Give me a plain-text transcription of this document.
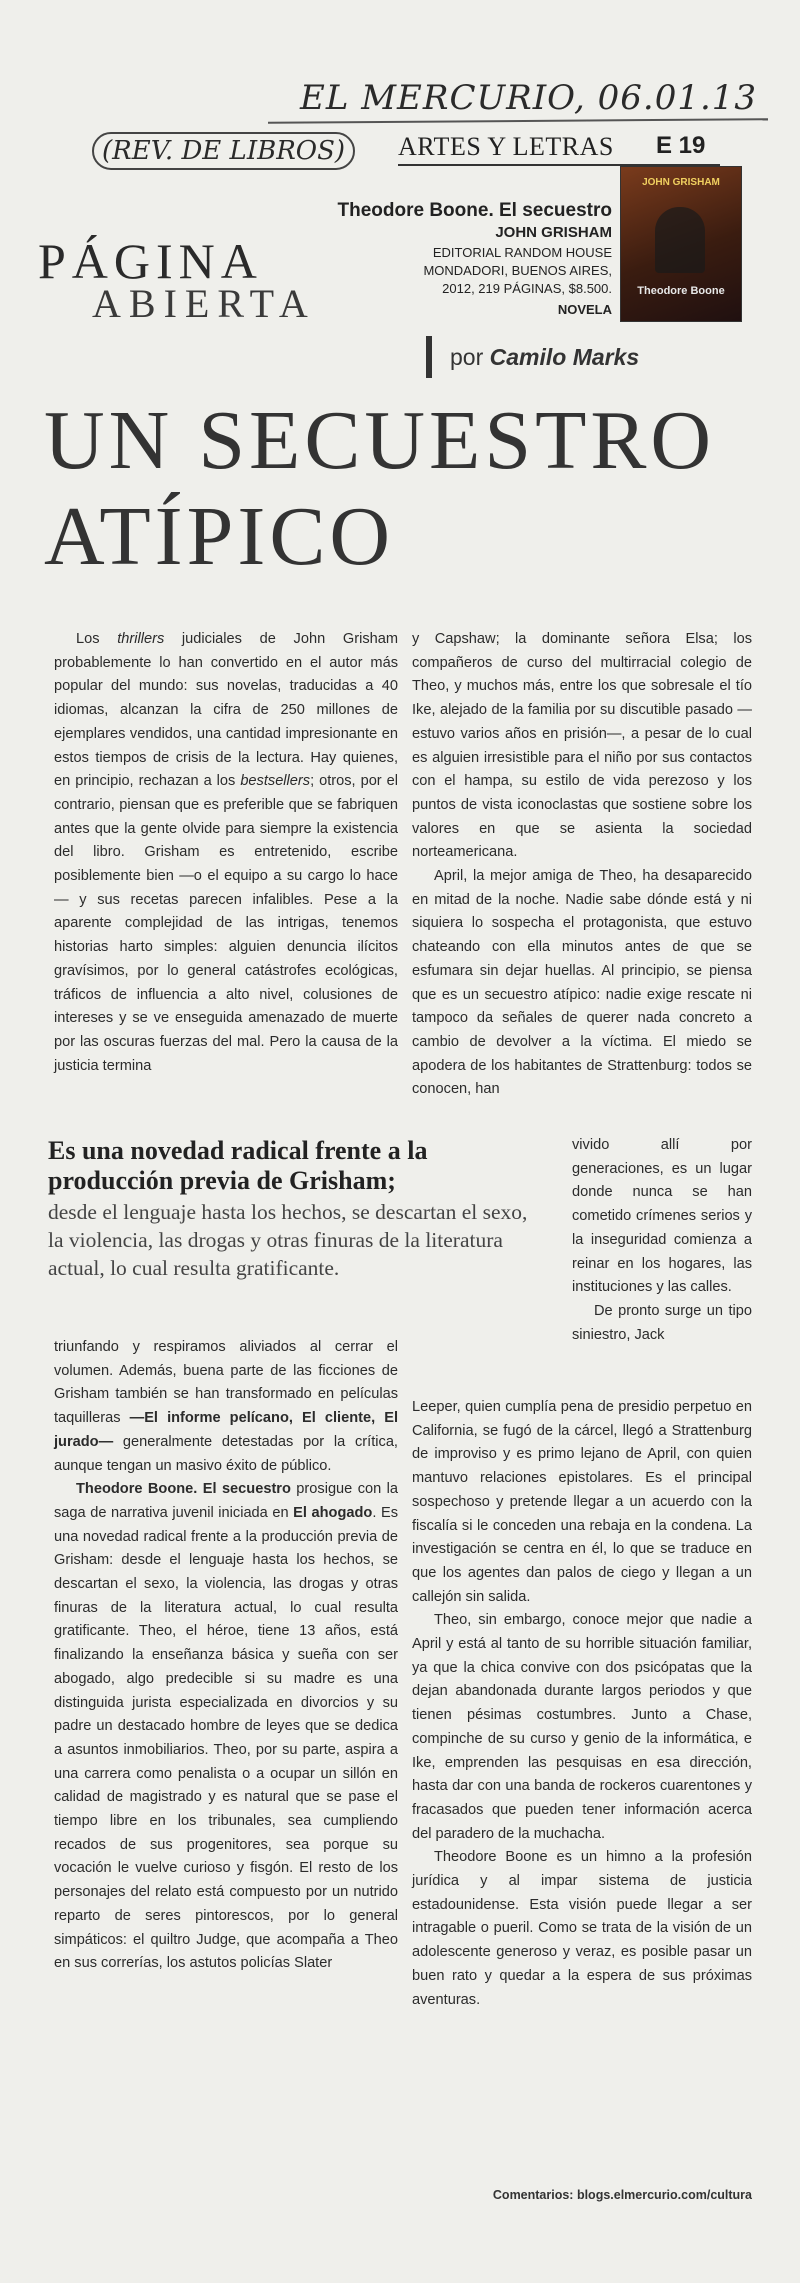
EL MERCURIO, 06.01.13
(REV. DE LIBROS)	ARTES Y LETRAS E 19
PÁGINA
ABIERTA
Theodore Boone. El secuestro
JOHN GRISHAM
EDITORIAL RANDOM HOUSE
MONDADORI, BUENOS AIRES,
2012, 219 PÁGINAS, $8.500.
NOVELA
JOHN GRISHAM
Theodore Boone
por Camilo Marks
UN SECUESTRO
ATÍPICO

Los thrillers judiciales de John Grisham probablemente lo han convertido en el autor más popular del mundo: sus novelas, traducidas a 40 idiomas, alcanzan la cifra de 250 millones de ejemplares vendidos, una cantidad impresionante en estos tiempos de crisis de la lectura. Hay quienes, en principio, rechazan a los bestsellers; otros, por el contrario, piensan que es preferible que se fabriquen antes que la gente olvide para siempre la existencia del libro. Grisham es entretenido, escribe posiblemente bien —o el equipo a su cargo lo hace— y sus recetas parecen infalibles. Pese a la aparente complejidad de las intrigas, tenemos historias harto simples: alguien denuncia ilícitos gravísimos, por lo general catástrofes ecológicas, tráficos de influencia a alto nivel, colusiones de intereses y se ve enseguida amenazado de muerte por las oscuras fuerzas del mal. Pero la causa de la justicia termina

Es una novedad radical frente a la producción previa de Grisham;
desde el lenguaje hasta los hechos, se descartan el sexo, la violencia, las drogas y otras finuras de la literatura actual, lo cual resulta gratificante.

triunfando y respiramos aliviados al cerrar el volumen. Además, buena parte de las ficciones de Grisham también se han transformado en películas taquilleras —El informe pelícano, El cliente, El jurado— generalmente detestadas por la crítica, aunque tengan un masivo éxito de público.

Theodore Boone. El secuestro prosigue con la saga de narrativa juvenil iniciada en El ahogado. Es una novedad radical frente a la producción previa de Grisham: desde el lenguaje hasta los hechos, se descartan el sexo, la violencia, las drogas y otras finuras de la literatura actual, lo cual resulta gratificante. Theo, el héroe, tiene 13 años, está finalizando la enseñanza básica y sueña con ser abogado, algo predecible si su madre es una distinguida jurista especializada en divorcios y su padre un destacado hombre de leyes que se dedica a asuntos inmobiliarios. Theo, por su parte, aspira a una carrera como penalista o a ocupar un sillón en calidad de magistrado y es natural que se pase el tiempo libre en los tribunales, sea cumpliendo recados de sus progenitores, sea porque su vocación le vuelve curioso y fisgón. El resto de los personajes del relato está compuesto por un nutrido reparto de seres pintorescos, por lo general simpáticos: el quiltro Judge, que acompaña a Theo en sus correrías, los astutos policías Slater

y Capshaw; la dominante señora Elsa; los compañeros de curso del multirracial colegio de Theo, y muchos más, entre los que sobresale el tío Ike, alejado de la familia por su discutible pasado —estuvo varios años en prisión—, a pesar de lo cual es alguien irresistible para el niño por sus contactos con el hampa, su estilo de vida perezoso y los puntos de vista iconoclastas que sostiene sobre los valores en que se asienta la sociedad norteamericana.

April, la mejor amiga de Theo, ha desaparecido en mitad de la noche. Nadie sabe dónde está y ni siquiera lo sospecha el protagonista, que estuvo chateando con ella minutos antes de que se esfumara sin dejar huellas. Al principio, se piensa que es un secuestro atípico: nadie exige rescate ni tampoco da señales de querer nada concreto a cambio de devolver a la víctima. El miedo se apodera de los habitantes de Strattenburg: todos se conocen, han

vivido allí por generaciones, es un lugar donde nunca se han cometido crímenes serios y la inseguridad comienza a reinar en los hogares, las instituciones y las calles.

De pronto surge un tipo siniestro, Jack

Leeper, quien cumplía pena de presidio perpetuo en California, se fugó de la cárcel, llegó a Strattenburg de improviso y es primo lejano de April, con quien mantuvo relaciones epistolares. Es el principal sospechoso y pretende llegar a un acuerdo con la fiscalía si le conceden una rebaja en la condena. La investigación se centra en él, lo que se traduce en que los agentes dan palos de ciego y llegan a un callejón sin salida.

Theo, sin embargo, conoce mejor que nadie a April y está al tanto de su horrible situación familiar, ya que la chica convive con dos psicópatas que la dejan abandonada durante largos periodos y que tienen pésimas costumbres. Junto a Chase, compinche de su curso y genio de la informática, e Ike, emprenden las pesquisas en esa dirección, hasta dar con una banda de rockeros cuarentones y fracasados que pueden tener información acerca del paradero de la muchacha.

Theodore Boone es un himno a la profesión jurídica y al impar sistema de justicia estadounidense. Esta visión puede llegar a ser intragable o pueril. Como se trata de la visión de un adolescente generoso y veraz, es posible pasar un buen rato y quedar a la espera de sus próximas aventuras.

Comentarios: blogs.elmercurio.com/cultura
